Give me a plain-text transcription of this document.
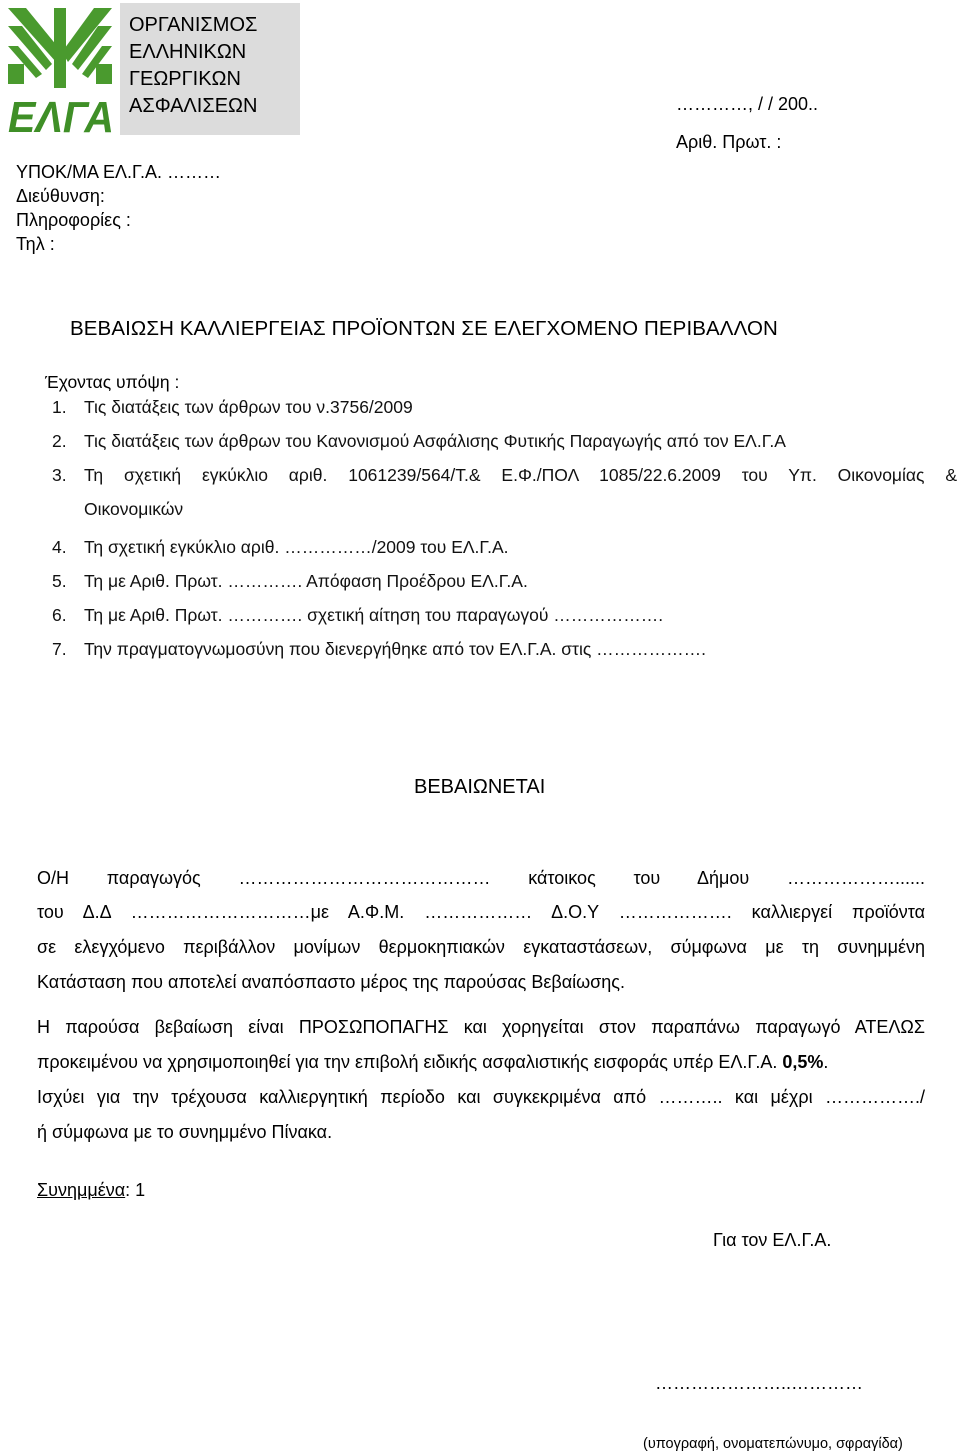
ΕΛΓΑ
ΟΡΓΑΝΙΣΜΟΣ
ΕΛΛΗΝΙΚΩΝ
ΓΕΩΡΓΙΚΩΝ
ΑΣΦΑΛΙΣΕΩΝ	…………, / / 200..
Αριθ. Πρωτ. :
ΥΠΟΚ/ΜΑ ΕΛ.Γ.Α. ………
Διεύθυνση:
Πληροφορίες :
Τηλ :
ΒΕΒΑΙΩΣΗ ΚΑΛΛΙΕΡΓΕΙΑΣ ΠΡΟΪΟΝΤΩΝ ΣΕ ΕΛΕΓΧΟΜΕΝΟ ΠΕΡΙΒΑΛΛΟΝ
Έχοντας υπόψη :
1. Τις διατάξεις των άρθρων του ν.3756/2009
2. Τις διατάξεις των άρθρων του Κανονισμού Ασφάλισης Φυτικής Παραγωγής από τον ΕΛ.Γ.Α
3. Τη σχετική εγκύκλιο αριθ. 1061239/564/Τ.& Ε.Φ./ΠΟΛ 1085/22.6.2009 του Υπ. Οικονομίας &
Οικονομικών
4. Τη σχετική εγκύκλιο αριθ. ……………/2009 του ΕΛ.Γ.Α.
5. Τη με Αριθ. Πρωτ. …………. Απόφαση Προέδρου ΕΛ.Γ.Α.
6. Τη με Αριθ. Πρωτ. …………. σχετική αίτηση του παραγωγού ……………….
7. Την πραγματογνωμοσύνη που διενεργήθηκε από τον ΕΛ.Γ.Α. στις ……………….
ΒΕΒΑΙΩΝΕΤΑΙ
Ο/Η παραγωγός …………………………………… κάτοικος του Δήμου ………………......
του Δ.Δ …………………………με Α.Φ.Μ. ……………… Δ.Ο.Υ ………………. καλλιεργεί προϊόντα
σε ελεγχόμενο περιβάλλον μονίμων θερμοκηπιακών εγκαταστάσεων, σύμφωνα με τη συνημμένη
Κατάσταση που αποτελεί αναπόσπαστο μέρος της παρούσας Βεβαίωσης.
Η παρούσα βεβαίωση είναι ΠΡΟΣΩΠΟΠΑΓΗΣ και χορηγείται στον παραπάνω παραγωγό ΑΤΕΛΩΣ
προκειμένου να χρησιμοποιηθεί για την επιβολή ειδικής ασφαλιστικής εισφοράς υπέρ ΕΛ.Γ.Α. 0,5%.
Ισχύει για την τρέχουσα καλλιεργητική περίοδο και συγκεκριμένα από ……….. και μέχρι ……………./
ή σύμφωνα με το συνημμένο Πίνακα.
Συνημμένα: 1
Για τον ΕΛ.Γ.Α.
…………………..…………
(υπογραφή, ονοματεπώνυμο, σφραγίδα)
